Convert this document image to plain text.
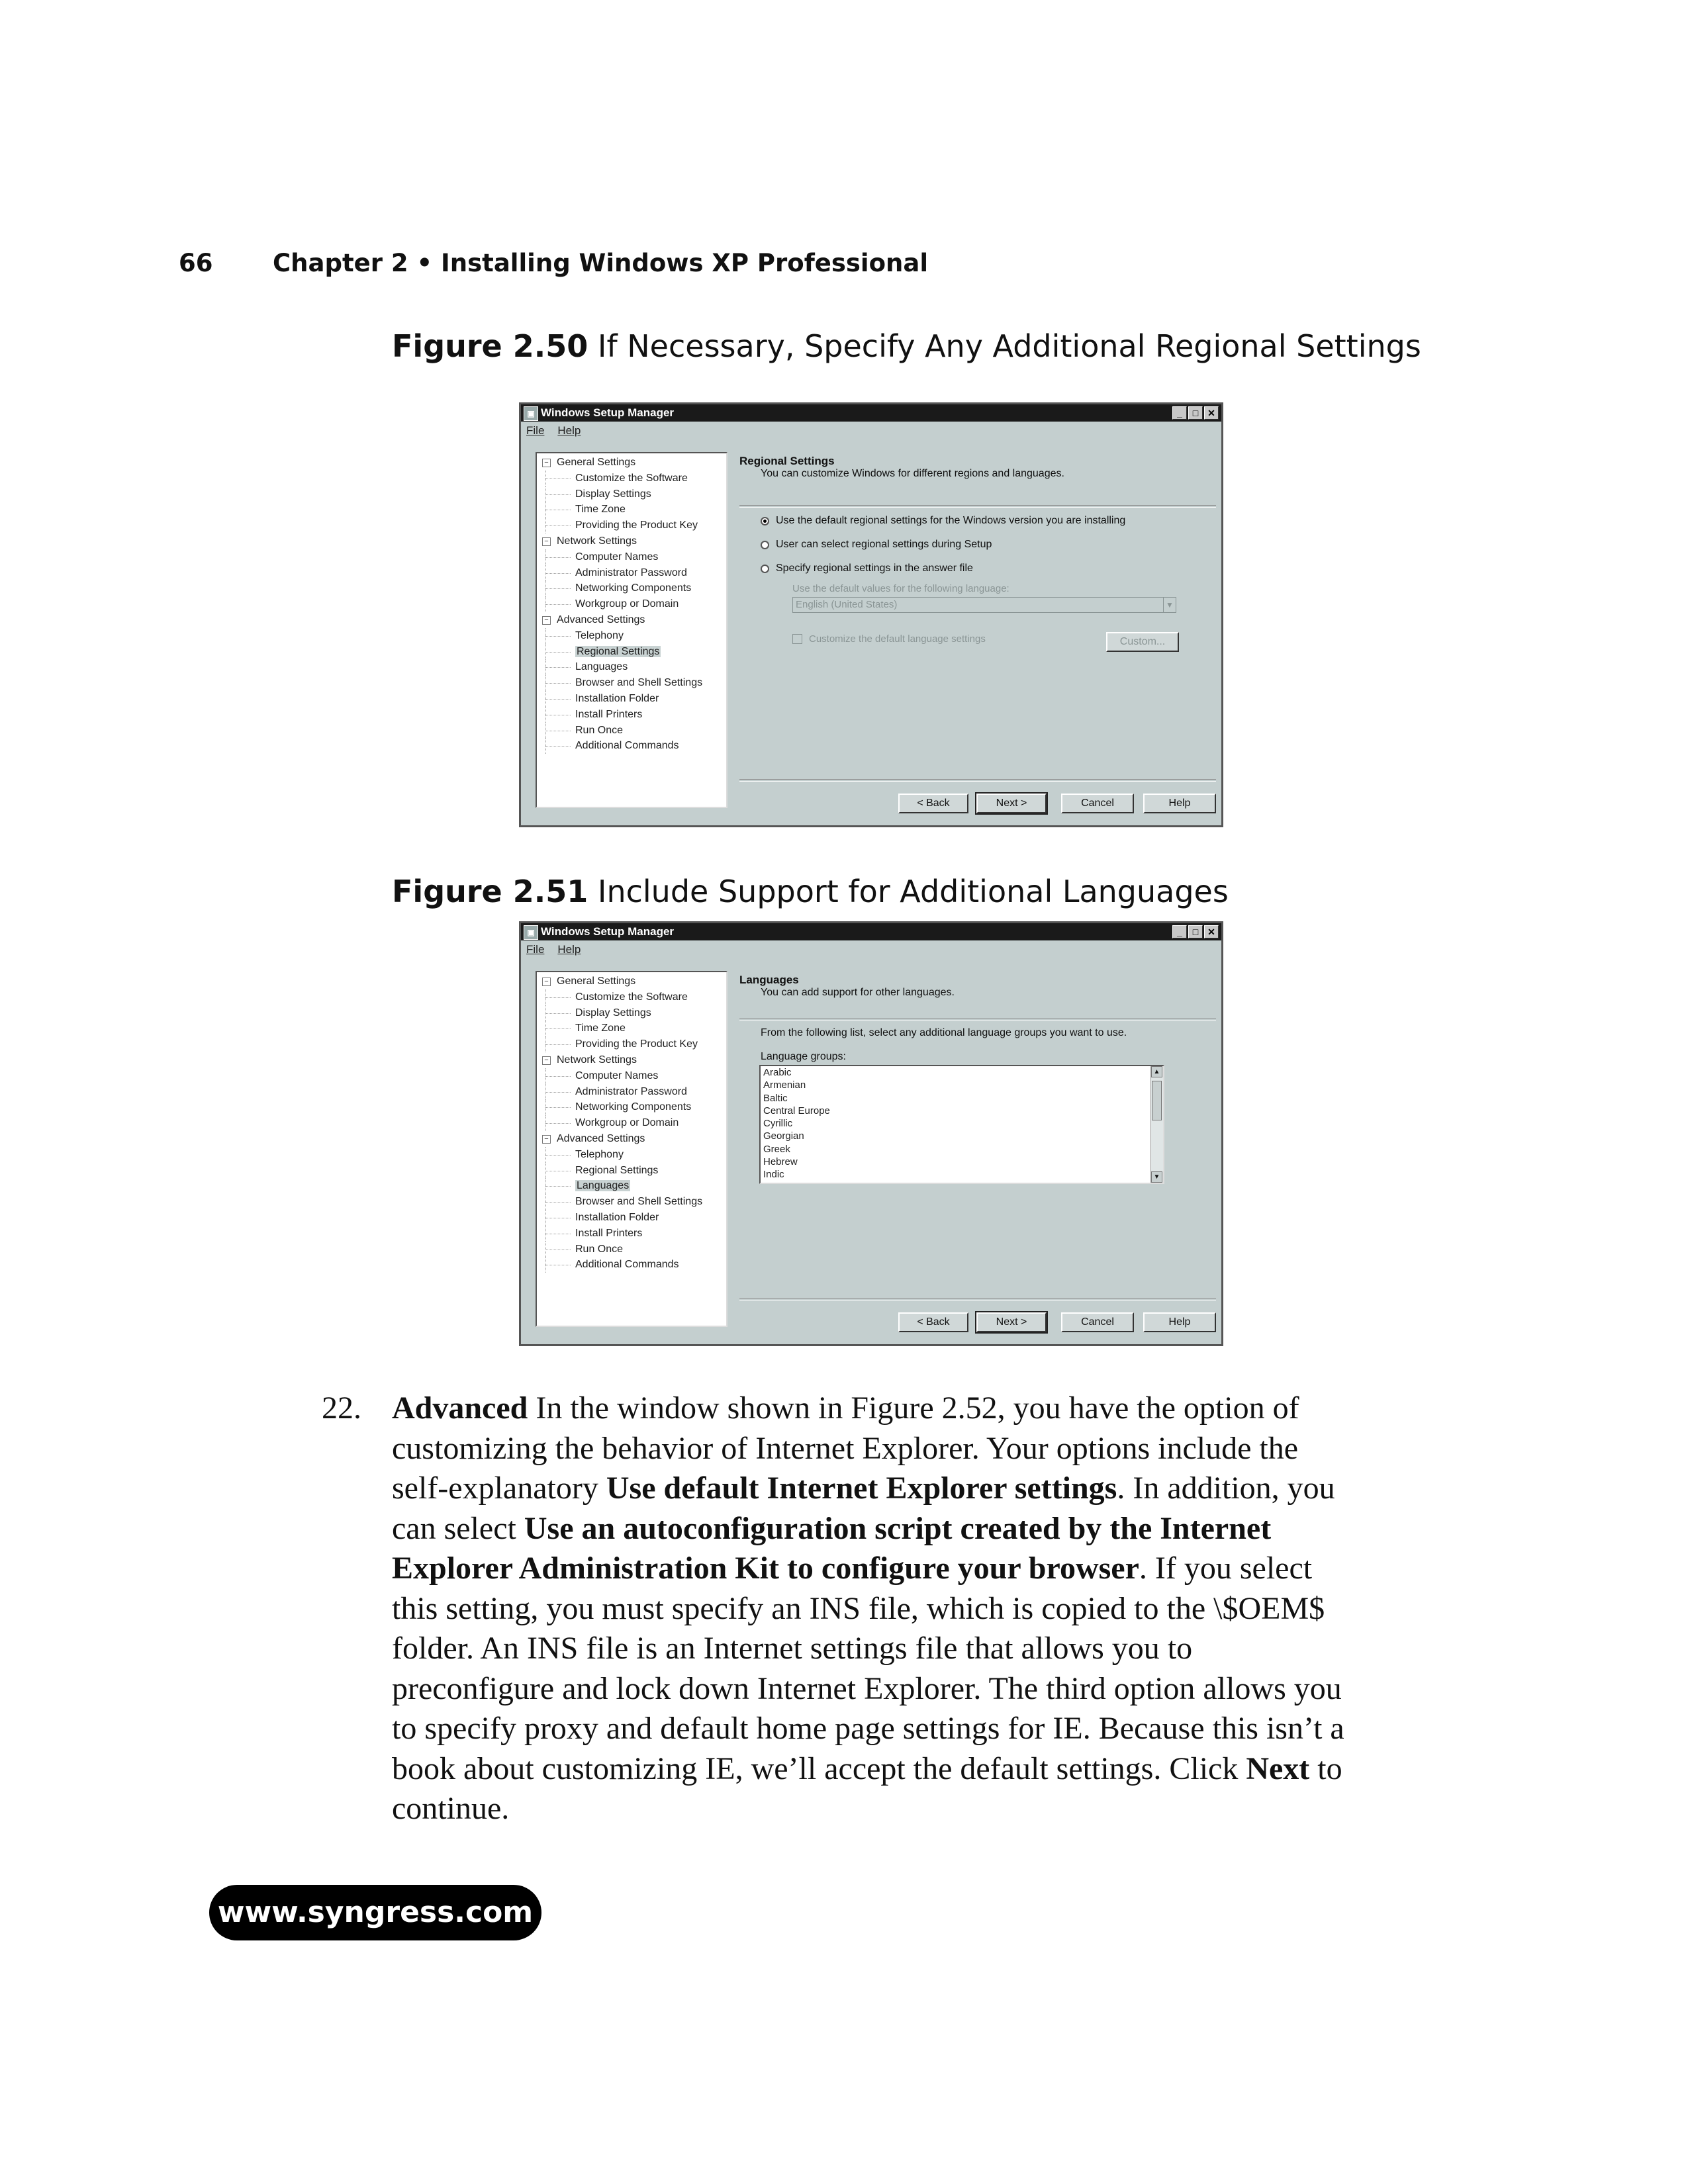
66 Chapter 2 • Installing Windows XP Professional
Figure 2.50 If Necessary, Specify Any Additional Regional Settings
▣ Windows Setup Manager	_	□ ✕
File Help
− General Settings
Customize the Software
Display Settings
Time Zone
Providing the Product Key
− Network Settings
Computer Names
Administrator Password
Networking Components
Workgroup or Domain
− Advanced Settings
Telephony
Regional Settings
Languages
Browser and Shell Settings
Installation Folder
Install Printers
Run Once
Additional Commands
Regional Settings
You can customize Windows for different regions and languages.
Use the default regional settings for the Windows version you are installing
User can select regional settings during Setup
Specify regional settings in the answer file
Use the default values for the following language:
English (United States)	▼
Customize the default language settings	Custom...
< Back	Next >	Cancel	Help
Figure 2.51 Include Support for Additional Languages
▣ Windows Setup Manager	_	□ ✕
File Help
− General Settings
Customize the Software
Display Settings
Time Zone
Providing the Product Key
− Network Settings
Computer Names
Administrator Password
Networking Components
Workgroup or Domain
− Advanced Settings
Telephony
Regional Settings
Languages
Browser and Shell Settings
Installation Folder
Install Printers
Run Once
Additional Commands
Languages
You can add support for other languages.
From the following list, select any additional language groups you want to use.
Language groups:
Arabic
Armenian
Baltic
Central Europe
Cyrillic
Georgian
Greek
Hebrew
Indic
▲
▼
< Back	Next >	Cancel	Help
22. Advanced In the window shown in Figure 2.52, you have the option of customizing the behavior of Internet Explorer. Your options include the self-explanatory Use default Internet Explorer settings. In addition, you can select Use an autoconfiguration script created by the Internet Explorer Administration Kit to configure your browser. If you select this setting, you must specify an INS file, which is copied to the \$OEM$ folder. An INS file is an Internet settings file that allows you to preconfigure and lock down Internet Explorer. The third option allows you to specify proxy and default home page settings for IE. Because this isn’t a book about customizing IE, we’ll accept the default settings. Click Next to continue.
www.syngress.com
